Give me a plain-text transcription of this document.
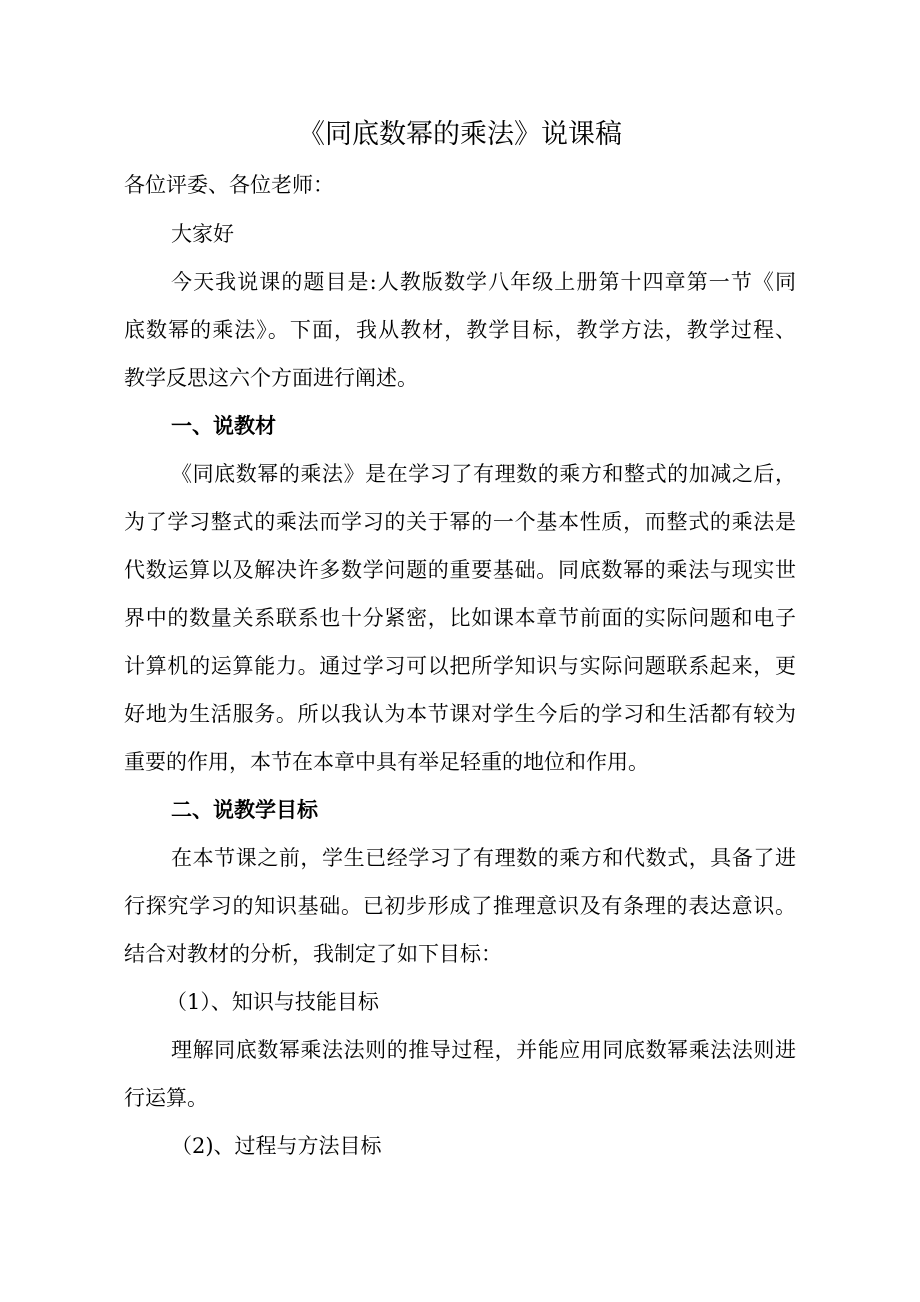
《同底数幂的乘法》说课稿
各位评委、各位老师：
大家好
今天我说课的题目是:人教版数学八年级上册第十四章第一节《同
底数幂的乘法》。下面，我从教材，教学目标，教学方法，教学过程、
教学反思这六个方面进行阐述。
一、说教材
《同底数幂的乘法》是在学习了有理数的乘方和整式的加减之后，
为了学习整式的乘法而学习的关于幂的一个基本性质，而整式的乘法是
代数运算以及解决许多数学问题的重要基础。同底数幂的乘法与现实世
界中的数量关系联系也十分紧密，比如课本章节前面的实际问题和电子
计算机的运算能力。通过学习可以把所学知识与实际问题联系起来，更
好地为生活服务。所以我认为本节课对学生今后的学习和生活都有较为
重要的作用，本节在本章中具有举足轻重的地位和作用。
二、说教学目标
在本节课之前，学生已经学习了有理数的乘方和代数式，具备了进
行探究学习的知识基础。已初步形成了推理意识及有条理的表达意识。
结合对教材的分析，我制定了如下目标：
（1）、知识与技能目标
理解同底数幂乘法法则的推导过程，并能应用同底数幂乘法法则进
行运算。
（2)、过程与方法目标
